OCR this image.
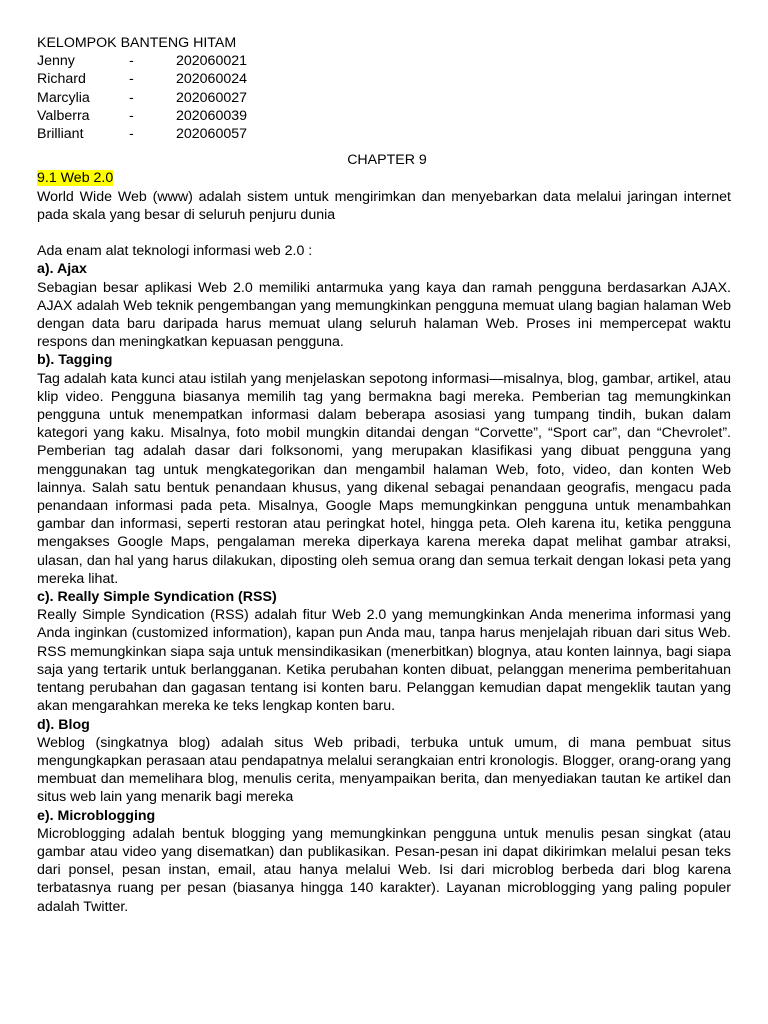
KELOMPOK BANTENG HITAM
Jenny	-	202060021
Richard	-	202060024
Marcylia	-	202060027
Valberra	-	202060039
Brilliant	-	202060057
CHAPTER 9
9.1 Web 2.0

World Wide Web (www) adalah sistem untuk mengirimkan dan menyebarkan data melalui jaringan internet pada skala yang besar di seluruh penjuru dunia

Ada enam alat teknologi informasi web 2.0 :
a). Ajax

Sebagian besar aplikasi Web 2.0 memiliki antarmuka yang kaya dan ramah pengguna berdasarkan AJAX. AJAX adalah Web teknik pengembangan yang memungkinkan pengguna memuat ulang bagian halaman Web dengan data baru daripada harus memuat ulang seluruh halaman Web. Proses ini mempercepat waktu respons dan meningkatkan kepuasan pengguna.

b). Tagging

Tag adalah kata kunci atau istilah yang menjelaskan sepotong informasi—misalnya, blog, gambar, artikel, atau klip video. Pengguna biasanya memilih tag yang bermakna bagi mereka. Pemberian tag memungkinkan pengguna untuk menempatkan informasi dalam beberapa asosiasi yang tumpang tindih, bukan dalam kategori yang kaku. Misalnya, foto mobil mungkin ditandai dengan “Corvette”, “Sport car”, dan “Chevrolet”. Pemberian tag adalah dasar dari folksonomi, yang merupakan klasifikasi yang dibuat pengguna yang menggunakan tag untuk mengkategorikan dan mengambil halaman Web, foto, video, dan konten Web lainnya. Salah satu bentuk penandaan khusus, yang dikenal sebagai penandaan geografis, mengacu pada penandaan informasi pada peta. Misalnya, Google Maps memungkinkan pengguna untuk menambahkan gambar dan informasi, seperti restoran atau peringkat hotel, hingga peta. Oleh karena itu, ketika pengguna mengakses Google Maps, pengalaman mereka diperkaya karena mereka dapat melihat gambar atraksi, ulasan, dan hal yang harus dilakukan, diposting oleh semua orang dan semua terkait dengan lokasi peta yang mereka lihat.

c). Really Simple Syndication (RSS)

Really Simple Syndication (RSS) adalah fitur Web 2.0 yang memungkinkan Anda menerima informasi yang Anda inginkan (customized information), kapan pun Anda mau, tanpa harus menjelajah ribuan dari situs Web. RSS memungkinkan siapa saja untuk mensindikasikan (menerbitkan) blognya, atau konten lainnya, bagi siapa saja yang tertarik untuk berlangganan. Ketika perubahan konten dibuat, pelanggan menerima pemberitahuan tentang perubahan dan gagasan tentang isi konten baru. Pelanggan kemudian dapat mengeklik tautan yang akan mengarahkan mereka ke teks lengkap konten baru.

d). Blog

Weblog (singkatnya blog) adalah situs Web pribadi, terbuka untuk umum, di mana pembuat situs mengungkapkan perasaan atau pendapatnya melalui serangkaian entri kronologis. Blogger, orang-orang yang membuat dan memelihara blog, menulis cerita, menyampaikan berita, dan menyediakan tautan ke artikel dan situs web lain yang menarik bagi mereka

e). Microblogging

Microblogging adalah bentuk blogging yang memungkinkan pengguna untuk menulis pesan singkat (atau gambar atau video yang disematkan) dan publikasikan. Pesan-pesan ini dapat dikirimkan melalui pesan teks dari ponsel, pesan instan, email, atau hanya melalui Web. Isi dari microblog berbeda dari blog karena terbatasnya ruang per pesan (biasanya hingga 140 karakter). Layanan microblogging yang paling populer adalah Twitter.
